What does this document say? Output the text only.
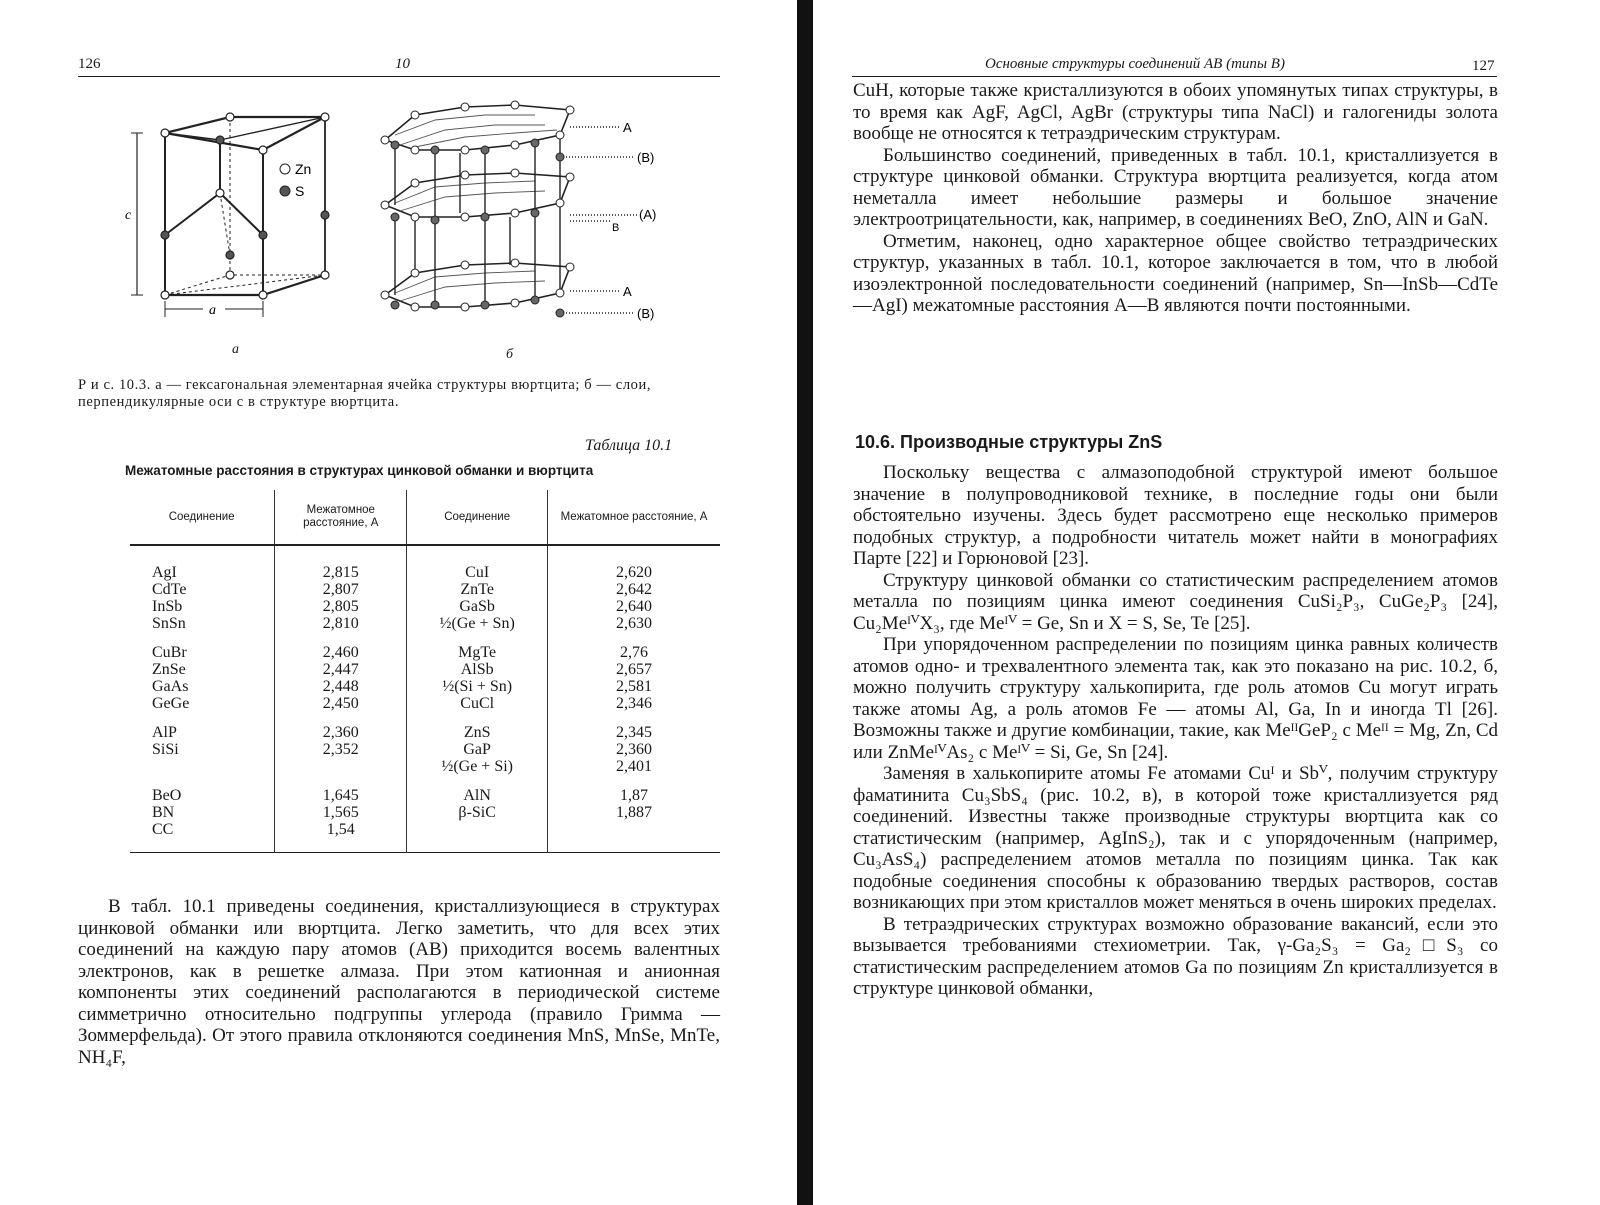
126	10
Zn
S
c
a
A
(B)
(A)
B
A
(B)
а	б
Р и с. 10.3. а — гексагональная элементарная ячейка структуры вюртцита; б — слои, перпендикулярные оси с в структуре вюртцита.
Таблица 10.1
Межатомные расстояния в структурах цинковой обманки и вюртцита
Соединение	Межатомное расстояние, А	Соединение	Межатомное расстояние, А
AgI	2,815	CuI	2,620
CdTe	2,807	ZnTe	2,642
InSb	2,805	GaSb	2,640
SnSn	2,810	½(Ge + Sn)	2,630
CuBr	2,460	MgTe	2,76
ZnSe	2,447	AlSb	2,657
GaAs	2,448	½(Si + Sn)	2,581
GeGe	2,450	CuCl	2,346
AlP	2,360	ZnS	2,345
SiSi	2,352	GaP	2,360
		½(Ge + Si)	2,401
BeO	1,645	AlN	1,87
BN	1,565	β-SiC	1,887
CC	1,54		

В табл. 10.1 приведены соединения, кристаллизующиеся в структурах цинковой обманки или вюртцита. Легко заметить, что для всех этих соединений на каждую пару атомов (АВ) приходится восемь валентных электронов, как в решетке алмаза. При этом катионная и анионная компоненты этих соединений располагаются в периодической системе симметрично относительно подгруппы углерода (правило Гримма — Зоммерфельда). От этого правила отклоняются соединения MnS, MnSe, MnTe, NH₄F,

Основные структуры соединений АВ (типы В)	127

CuH, которые также кристаллизуются в обоих упомянутых типах структуры, в то время как AgF, AgCl, AgBr (структуры типа NaCl) и галогениды золота вообще не относятся к тетраэдрическим структурам.

Большинство соединений, приведенных в табл. 10.1, кристаллизуется в структуре цинковой обманки. Структура вюртцита реализуется, когда атом неметалла имеет небольшие размеры и большое значение электроотрицательности, как, например, в соединениях BeO, ZnO, AlN и GaN.

Отметим, наконец, одно характерное общее свойство тетраэдрических структур, указанных в табл. 10.1, которое заключается в том, что в любой изоэлектронной последовательности соединений (например, Sn—InSb—CdTe—AgI) межатомные расстояния А—В являются почти постоянными.

10.6. Производные структуры ZnS

Поскольку вещества с алмазоподобной структурой имеют большое значение в полупроводниковой технике, в последние годы они были обстоятельно изучены. Здесь будет рассмотрено еще несколько примеров подобных структур, а подробности читатель может найти в монографиях Парте [22] и Горюновой [23].

Структуру цинковой обманки со статистическим распределением атомов металла по позициям цинка имеют соединения CuSi₂P₃, CuGe₂P₃ [24], Cu₂MeᴵⱽX₃, где Meᴵⱽ = Ge, Sn и X = S, Se, Te [25].

При упорядоченном распределении по позициям цинка равных количеств атомов одно- и трехвалентного элемента так, как это показано на рис. 10.2, б, можно получить структуру халькопирита, где роль атомов Cu могут играть также атомы Ag, а роль атомов Fe — атомы Al, Ga, In и иногда Tl [26]. Возможны также и другие комбинации, такие, как MeᴵᴵGeP₂ с Meᴵᴵ = Mg, Zn, Cd или ZnMeᴵⱽAs₂ с Meᴵⱽ = Si, Ge, Sn [24].

Заменяя в халькопирите атомы Fe атомами Cuᴵ и Sbⱽ, получим структуру фаматинита Cu₃SbS₄ (рис. 10.2, в), в которой тоже кристаллизуется ряд соединений. Известны также производные структуры вюртцита как со статистическим (например, AgInS₂), так и с упорядоченным (например, Cu₃AsS₄) распределением атомов металла по позициям цинка. Так как подобные соединения способны к образованию твердых растворов, состав возникающих при этом кристаллов может меняться в очень широких пределах.

В тетраэдрических структурах возможно образование вакансий, если это вызывается требованиями стехиометрии. Так, γ-Ga₂S₃ = Ga₂□S₃ со статистическим распределением атомов Ga по позициям Zn кристаллизуется в структуре цинковой обманки,
